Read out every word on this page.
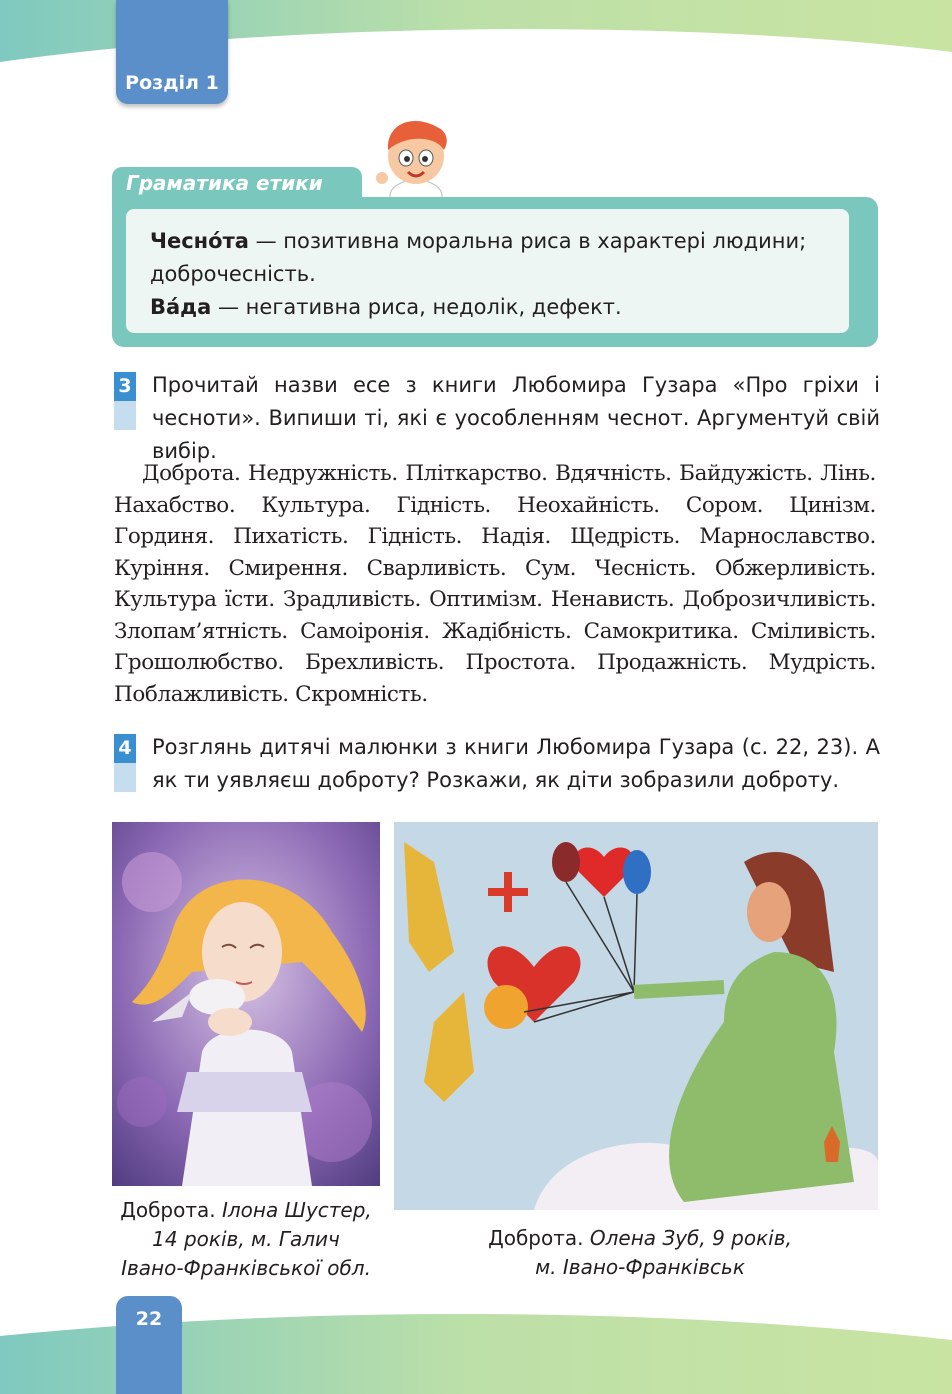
Розділ 1
Граматика етики
Чесно́та — позитивна моральна риса в характері людини; доброчесність.
Ва́да — негативна риса, недолік, дефект.
3 Прочитай назви есе з книги Любомира Гузара «Про гріхи і чесноти». Випиши ті, які є уособленням чеснот. Аргументуй свій вибір.
Доброта. Недружність. Пліткарство. Вдячність. Байдужість. Лінь. Нахабство. Культура. Гідність. Неохайність. Сором. Цинізм. Гординя. Пихатість. Гідність. Надія. Щедрість. Марнославство. Куріння. Смирення. Сварливість. Сум. Чесність. Обжерливість. Культура їсти. Зрадливість. Оптимізм. Ненависть. Доброзичливість. Злопам’ятність. Самоіронія. Жадібність. Самокритика. Сміливість. Грошолюбство. Брехливість. Простота. Продажність. Мудрість. Поблажливість. Скромність.
4 Розглянь дитячі малюнки з книги Любомира Гузара (с. 22, 23). А як ти уявляєш доброту? Розкажи, як діти зобразили доброту.
Доброта. Ілона Шустер,
14 років, м. Галич
Івано-Франківської обл.
Доброта. Олена Зуб, 9 років,
м. Івано-Франківськ
22
